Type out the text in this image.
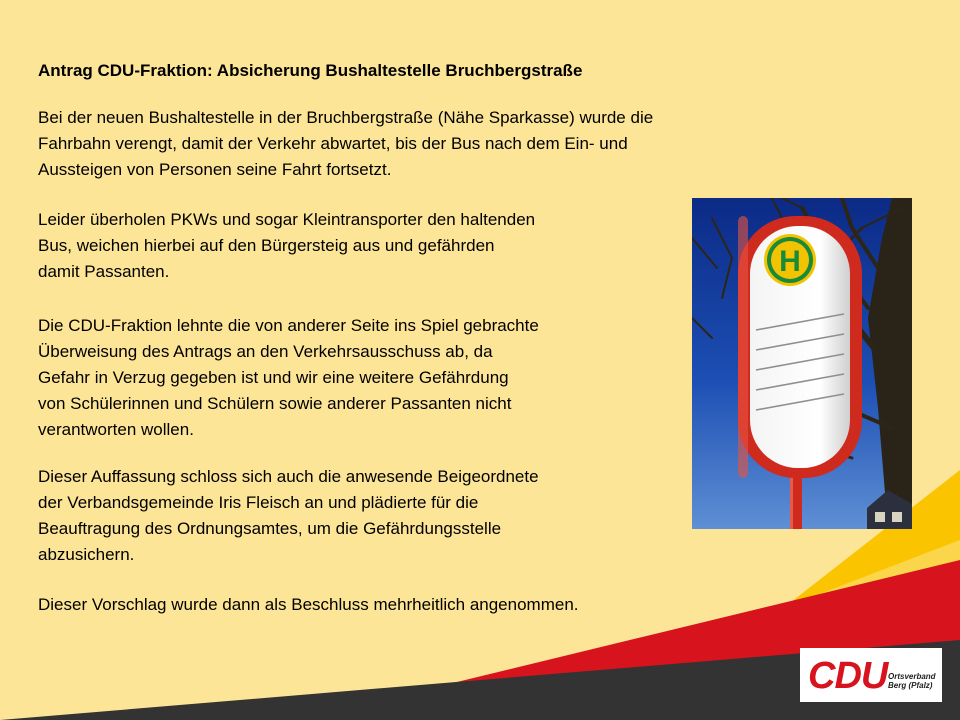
Antrag CDU-Fraktion: Absicherung Bushaltestelle Bruchbergstraße

Bei der neuen Bushaltestelle in der Bruchbergstraße (Nähe Sparkasse) wurde die
Fahrbahn verengt, damit der Verkehr abwartet, bis der Bus nach dem Ein- und
Aussteigen von Personen seine Fahrt fortsetzt.

Leider überholen PKWs und sogar Kleintransporter den haltenden
Bus, weichen hierbei auf den Bürgersteig aus und gefährden
damit Passanten.

Die CDU-Fraktion lehnte die von anderer Seite ins Spiel gebrachte
Überweisung des Antrags an den Verkehrsausschuss ab, da
Gefahr in Verzug gegeben ist und wir eine weitere Gefährdung
von Schülerinnen und Schülern sowie anderer Passanten nicht
verantworten wollen.

Dieser Auffassung schloss sich auch die anwesende Beigeordnete
der Verbandsgemeinde Iris Fleisch an und plädierte für die
Beauftragung des Ordnungsamtes, um die Gefährdungsstelle
abzusichern.

Dieser Vorschlag wurde dann als Beschluss mehrheitlich angenommen.

H
CDU Ortsverband
Berg (Pfalz)
